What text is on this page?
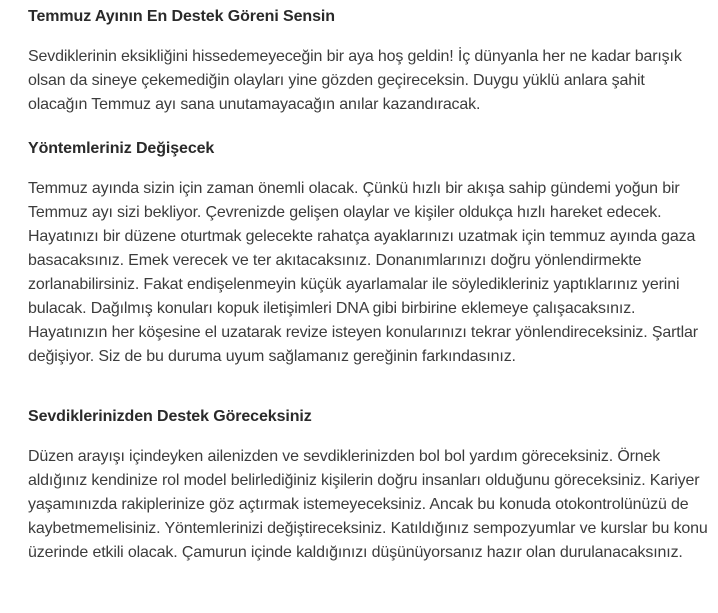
Temmuz Ayının En Destek Göreni Sensin

Sevdiklerinin eksikliğini hissedemeyeceğin bir aya hoş geldin! İç dünyanla her ne kadar barışık olsan da sineye çekemediğin olayları yine gözden geçireceksin. Duygu yüklü anlara şahit olacağın Temmuz ayı sana unutamayacağın anılar kazandıracak.

Yöntemleriniz Değişecek

Temmuz ayında sizin için zaman önemli olacak. Çünkü hızlı bir akışa sahip gündemi yoğun bir Temmuz ayı sizi bekliyor. Çevrenizde gelişen olaylar ve kişiler oldukça hızlı hareket edecek. Hayatınızı bir düzene oturtmak gelecekte rahatça ayaklarınızı uzatmak için temmuz ayında gaza basacaksınız. Emek verecek ve ter akıtacaksınız. Donanımlarınızı doğru yönlendirmekte zorlanabilirsiniz. Fakat endişelenmeyin küçük ayarlamalar ile söyledikleriniz yaptıklarınız yerini bulacak. Dağılmış konuları kopuk iletişimleri DNA gibi birbirine eklemeye çalışacaksınız. Hayatınızın her köşesine el uzatarak revize isteyen konularınızı tekrar yönlendireceksiniz. Şartlar değişiyor. Siz de bu duruma uyum sağlamanız gereğinin farkındasınız.

Sevdiklerinizden Destek Göreceksiniz

Düzen arayışı içindeyken ailenizden ve sevdiklerinizden bol bol yardım göreceksiniz. Örnek aldığınız kendinize rol model belirlediğiniz kişilerin doğru insanları olduğunu göreceksiniz. Kariyer yaşamınızda rakiplerinize göz açtırmak istemeyeceksiniz. Ancak bu konuda otokontrolünüzü de kaybetmemelisiniz. Yöntemlerinizi değiştireceksiniz. Katıldığınız sempozyumlar ve kurslar bu konu üzerinde etkili olacak. Çamurun içinde kaldığınızı düşünüyorsanız hazır olan durulanacaksınız.
